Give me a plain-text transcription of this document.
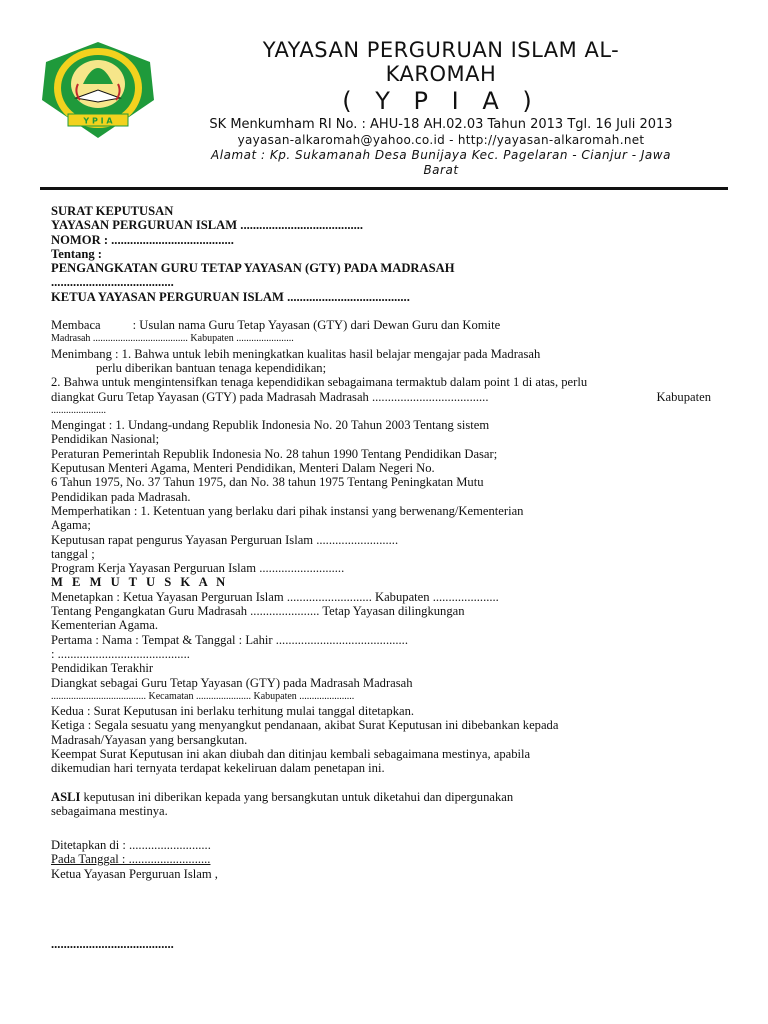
Y P I A
YAYASAN PERGURUAN ISLAM AL-
KAROMAH
( Y P I A )
SK Menkumham RI No. : AHU-18 AH.02.03 Tahun 2013 Tgl. 16 Juli 2013
yayasan-alkaromah@yahoo.co.id - http://yayasan-alkaromah.net
Alamat : Kp. Sukamanah Desa Bunijaya Kec. Pagelaran - Cianjur - Jawa
Barat
SURAT KEPUTUSAN
YAYASAN PERGURUAN ISLAM .......................................
NOMOR : .......................................
Tentang :
PENGANGKATAN GURU TETAP YAYASAN (GTY) PADA MADRASAH
.......................................
KETUA YAYASAN PERGURUAN ISLAM .......................................
Membaca	: Usulan nama Guru Tetap Yayasan (GTY) dari Dewan Guru dan Komite
Madrasah ...................................... Kabupaten .......................
Menimbang : 1. Bahwa untuk lebih meningkatkan kualitas hasil belajar mengajar pada Madrasah
perlu diberikan bantuan tenaga kependidikan;
2. Bahwa untuk mengintensifkan tenaga kependidikan sebagaimana termaktub dalam point 1 di atas, perlu
diangkat Guru Tetap Yayasan (GTY) pada Madrasah Madrasah .....................................	Kabupaten
......................
Mengingat : 1. Undang-undang Republik Indonesia No. 20 Tahun 2003 Tentang sistem
Pendidikan Nasional;
Peraturan Pemerintah Republik Indonesia No. 28 tahun 1990 Tentang Pendidikan Dasar;
Keputusan Menteri Agama, Menteri Pendidikan, Menteri Dalam Negeri No.
6 Tahun 1975, No. 37 Tahun 1975, dan No. 38 tahun 1975 Tentang Peningkatan Mutu
Pendidikan pada Madrasah.
Memperhatikan : 1. Ketentuan yang berlaku dari pihak instansi yang berwenang/Kementerian
Agama;
Keputusan rapat pengurus Yayasan Perguruan Islam ..........................
tanggal ;
Program Kerja Yayasan Perguruan Islam ...........................
M E M U T U S K A N
Menetapkan : Ketua Yayasan Perguruan Islam ........................... Kabupaten .....................
Tentang Pengangkatan Guru Madrasah ...................... Tetap Yayasan dilingkungan
Kementerian Agama.
Pertama : Nama : Tempat & Tanggal : Lahir ..........................................
: ..........................................
Pendidikan Terakhir
Diangkat sebagai Guru Tetap Yayasan (GTY) pada Madrasah Madrasah
...................................... Kecamatan ...................... Kabupaten ......................
Kedua : Surat Keputusan ini berlaku terhitung mulai tanggal ditetapkan.
Ketiga : Segala sesuatu yang menyangkut pendanaan, akibat Surat Keputusan ini dibebankan kepada
Madrasah/Yayasan yang bersangkutan.
Keempat Surat Keputusan ini akan diubah dan ditinjau kembali sebagaimana mestinya, apabila
dikemudian hari ternyata terdapat kekeliruan dalam penetapan ini.
ASLI keputusan ini diberikan kepada yang bersangkutan untuk diketahui dan dipergunakan
sebagaimana mestinya.
Ditetapkan di : ..........................
Pada Tanggal : ..........................
Ketua Yayasan Perguruan Islam ,
.......................................
